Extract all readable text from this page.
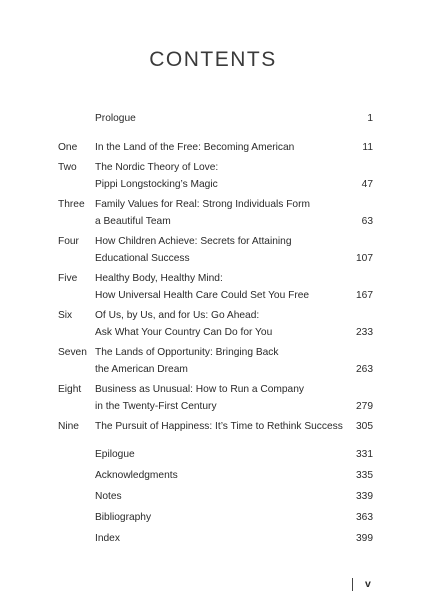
CONTENTS
Prologue	1
One In the Land of the Free: Becoming American	11
Two The Nordic Theory of Love:
Pippi Longstocking’s Magic	47
Three Family Values for Real: Strong Individuals Form
a Beautiful Team	63
Four How Children Achieve: Secrets for Attaining
Educational Success	107
Five Healthy Body, Healthy Mind:
How Universal Health Care Could Set You Free	167
Six Of Us, by Us, and for Us: Go Ahead:
Ask What Your Country Can Do for You	233
Seven The Lands of Opportunity: Bringing Back
the American Dream	263
Eight Business as Unusual: How to Run a Company
in the Twenty-First Century	279
Nine The Pursuit of Happiness: It’s Time to Rethink Success 305
Epilogue	331
Acknowledgments	335
Notes	339
Bibliography	363
Index	399
v
